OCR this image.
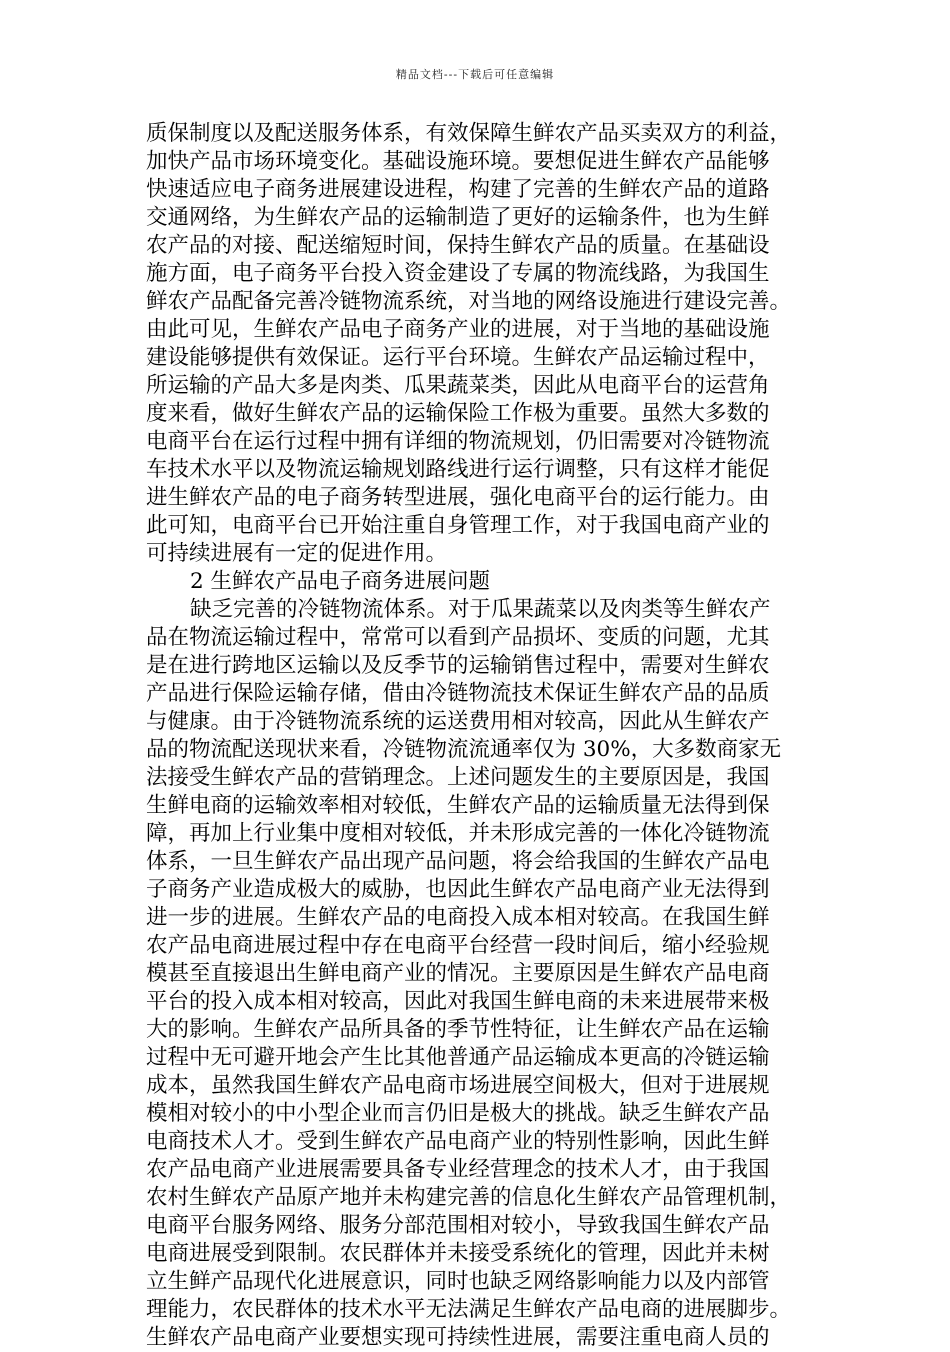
精品文档---下载后可任意编辑
质保制度以及配送服务体系，有效保障生鲜农产品买卖双方的利益，
加快产品市场环境变化。基础设施环境。要想促进生鲜农产品能够
快速适应电子商务进展建设进程，构建了完善的生鲜农产品的道路
交通网络，为生鲜农产品的运输制造了更好的运输条件，也为生鲜
农产品的对接、配送缩短时间，保持生鲜农产品的质量。在基础设
施方面，电子商务平台投入资金建设了专属的物流线路，为我国生
鲜农产品配备完善冷链物流系统，对当地的网络设施进行建设完善。
由此可见，生鲜农产品电子商务产业的进展，对于当地的基础设施
建设能够提供有效保证。运行平台环境。生鲜农产品运输过程中，
所运输的产品大多是肉类、瓜果蔬菜类，因此从电商平台的运营角
度来看，做好生鲜农产品的运输保险工作极为重要。虽然大多数的
电商平台在运行过程中拥有详细的物流规划，仍旧需要对冷链物流
车技术水平以及物流运输规划路线进行运行调整，只有这样才能促
进生鲜农产品的电子商务转型进展，强化电商平台的运行能力。由
此可知，电商平台已开始注重自身管理工作，对于我国电商产业的
可持续进展有一定的促进作用。
2 生鲜农产品电子商务进展问题
缺乏完善的冷链物流体系。对于瓜果蔬菜以及肉类等生鲜农产
品在物流运输过程中，常常可以看到产品损坏、变质的问题，尤其
是在进行跨地区运输以及反季节的运输销售过程中，需要对生鲜农
产品进行保险运输存储，借由冷链物流技术保证生鲜农产品的品质
与健康。由于冷链物流系统的运送费用相对较高，因此从生鲜农产
品的物流配送现状来看，冷链物流流通率仅为 30%，大多数商家无
法接受生鲜农产品的营销理念。上述问题发生的主要原因是，我国
生鲜电商的运输效率相对较低，生鲜农产品的运输质量无法得到保
障，再加上行业集中度相对较低，并未形成完善的一体化冷链物流
体系，一旦生鲜农产品出现产品问题，将会给我国的生鲜农产品电
子商务产业造成极大的威胁，也因此生鲜农产品电商产业无法得到
进一步的进展。生鲜农产品的电商投入成本相对较高。在我国生鲜
农产品电商进展过程中存在电商平台经营一段时间后，缩小经验规
模甚至直接退出生鲜电商产业的情况。主要原因是生鲜农产品电商
平台的投入成本相对较高，因此对我国生鲜电商的未来进展带来极
大的影响。生鲜农产品所具备的季节性特征，让生鲜农产品在运输
过程中无可避开地会产生比其他普通产品运输成本更高的冷链运输
成本，虽然我国生鲜农产品电商市场进展空间极大，但对于进展规
模相对较小的中小型企业而言仍旧是极大的挑战。缺乏生鲜农产品
电商技术人才。受到生鲜农产品电商产业的特别性影响，因此生鲜
农产品电商产业进展需要具备专业经营理念的技术人才，由于我国
农村生鲜农产品原产地并未构建完善的信息化生鲜农产品管理机制，
电商平台服务网络、服务分部范围相对较小，导致我国生鲜农产品
电商进展受到限制。农民群体并未接受系统化的管理，因此并未树
立生鲜产品现代化进展意识，同时也缺乏网络影响能力以及内部管
理能力，农民群体的技术水平无法满足生鲜农产品电商的进展脚步。
生鲜农产品电商产业要想实现可持续性进展，需要注重电商人员的
